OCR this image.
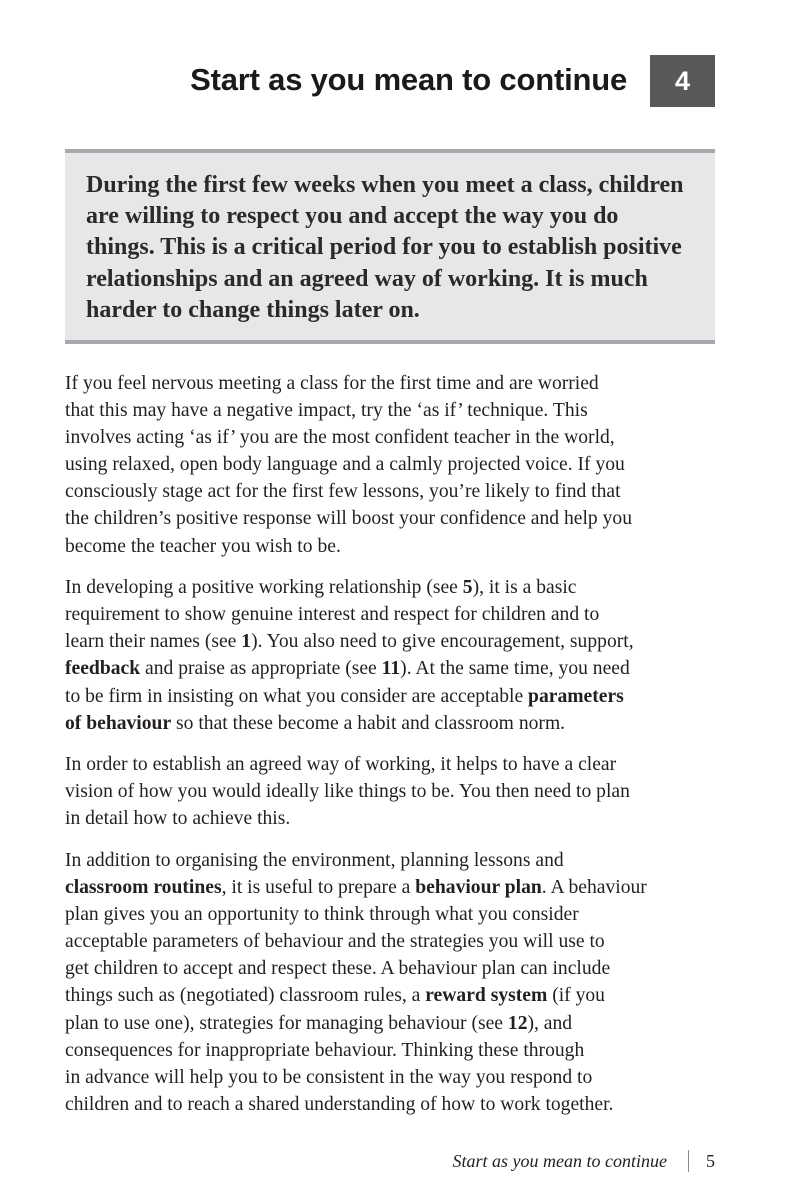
Start as you mean to continue	4

During the first few weeks when you meet a class, children
are willing to respect you and accept the way you do
things. This is a critical period for you to establish positive
relationships and an agreed way of working. It is much
harder to change things later on.

If you feel nervous meeting a class for the first time and are worried
that this may have a negative impact, try the ‘as if’ technique. This
involves acting ‘as if’ you are the most confident teacher in the world,
using relaxed, open body language and a calmly projected voice. If you
consciously stage act for the first few lessons, you’re likely to find that
the children’s positive response will boost your confidence and help you
become the teacher you wish to be.

In developing a positive working relationship (see 5), it is a basic
requirement to show genuine interest and respect for children and to
learn their names (see 1). You also need to give encouragement, support,
feedback and praise as appropriate (see 11). At the same time, you need
to be firm in insisting on what you consider are acceptable parameters
of behaviour so that these become a habit and classroom norm.

In order to establish an agreed way of working, it helps to have a clear
vision of how you would ideally like things to be. You then need to plan
in detail how to achieve this.

In addition to organising the environment, planning lessons and
classroom routines, it is useful to prepare a behaviour plan. A behaviour
plan gives you an opportunity to think through what you consider
acceptable parameters of behaviour and the strategies you will use to
get children to accept and respect these. A behaviour plan can include
things such as (negotiated) classroom rules, a reward system (if you
plan to use one), strategies for managing behaviour (see 12), and
consequences for inappropriate behaviour. Thinking these through
in advance will help you to be consistent in the way you respond to
children and to reach a shared understanding of how to work together.

Start as you mean to continue 5
